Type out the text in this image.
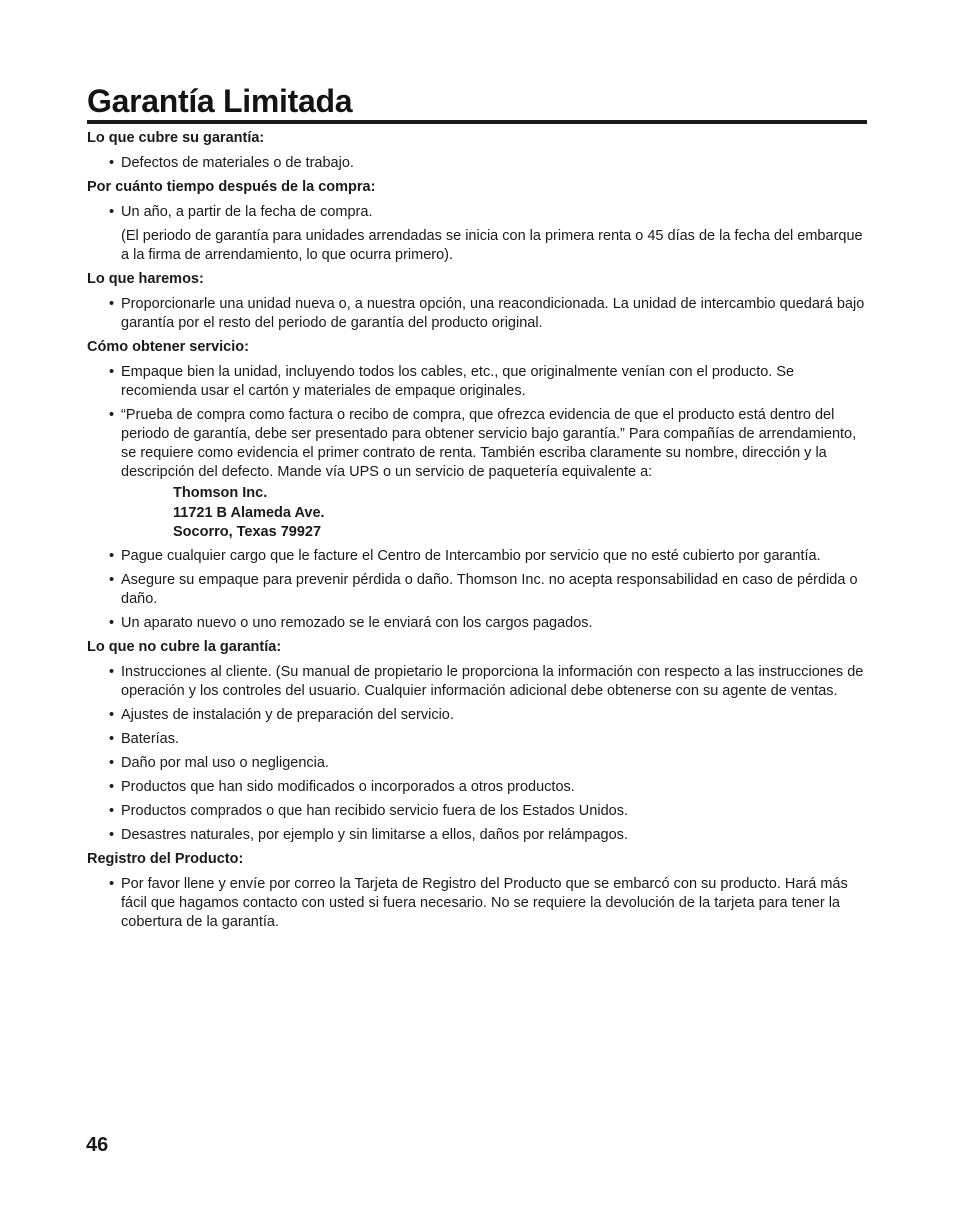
Garantía Limitada
Lo que cubre su garantía:
• Defectos de materiales o de trabajo.
Por cuánto tiempo después de la compra:
• Un año, a partir de la fecha de compra.

(El periodo de garantía para unidades arrendadas se inicia con la primera renta o 45 días de la fecha del embarque a la firma de arrendamiento, lo que ocurra primero).

Lo que haremos:
• Proporcionarle una unidad nueva o, a nuestra opción, una reacondicionada. La unidad de intercambio quedará bajo garantía por el resto del periodo de garantía del producto original.
Cómo obtener servicio:
• Empaque bien la unidad, incluyendo todos los cables, etc., que originalmente venían con el producto. Se recomienda usar el cartón y materiales de empaque originales.
• “Prueba de compra como factura o recibo de compra, que ofrezca evidencia de que el producto está dentro del periodo de garantía, debe ser presentado para obtener servicio bajo garantía.” Para compañías de arrendamiento, se requiere como evidencia el primer contrato de renta. También escriba claramente su nombre, dirección y la descripción del defecto. Mande vía UPS o un servicio de paquetería equivalente a:
Thomson Inc.
11721 B Alameda Ave.
Socorro, Texas 79927
• Pague cualquier cargo que le facture el Centro de Intercambio por servicio que no esté cubierto por garantía.
• Asegure su empaque para prevenir pérdida o daño. Thomson Inc. no acepta responsabilidad en caso de pérdida o daño.
• Un aparato nuevo o uno remozado se le enviará con los cargos pagados.
Lo que no cubre la garantía:
• Instrucciones al cliente. (Su manual de propietario le proporciona la información con respecto a las instrucciones de operación y los controles del usuario. Cualquier información adicional debe obtenerse con su agente de ventas.
• Ajustes de instalación y de preparación del servicio.
• Baterías.
• Daño por mal uso o negligencia.
• Productos que han sido modificados o incorporados a otros productos.
• Productos comprados o que han recibido servicio fuera de los Estados Unidos.
• Desastres naturales, por ejemplo y sin limitarse a ellos, daños por relámpagos.
Registro del Producto:
• Por favor llene y envíe por correo la Tarjeta de Registro del Producto que se embarcó con su producto. Hará más fácil que hagamos contacto con usted si fuera necesario. No se requiere la devolución de la tarjeta para tener la cobertura de la garantía.
46
